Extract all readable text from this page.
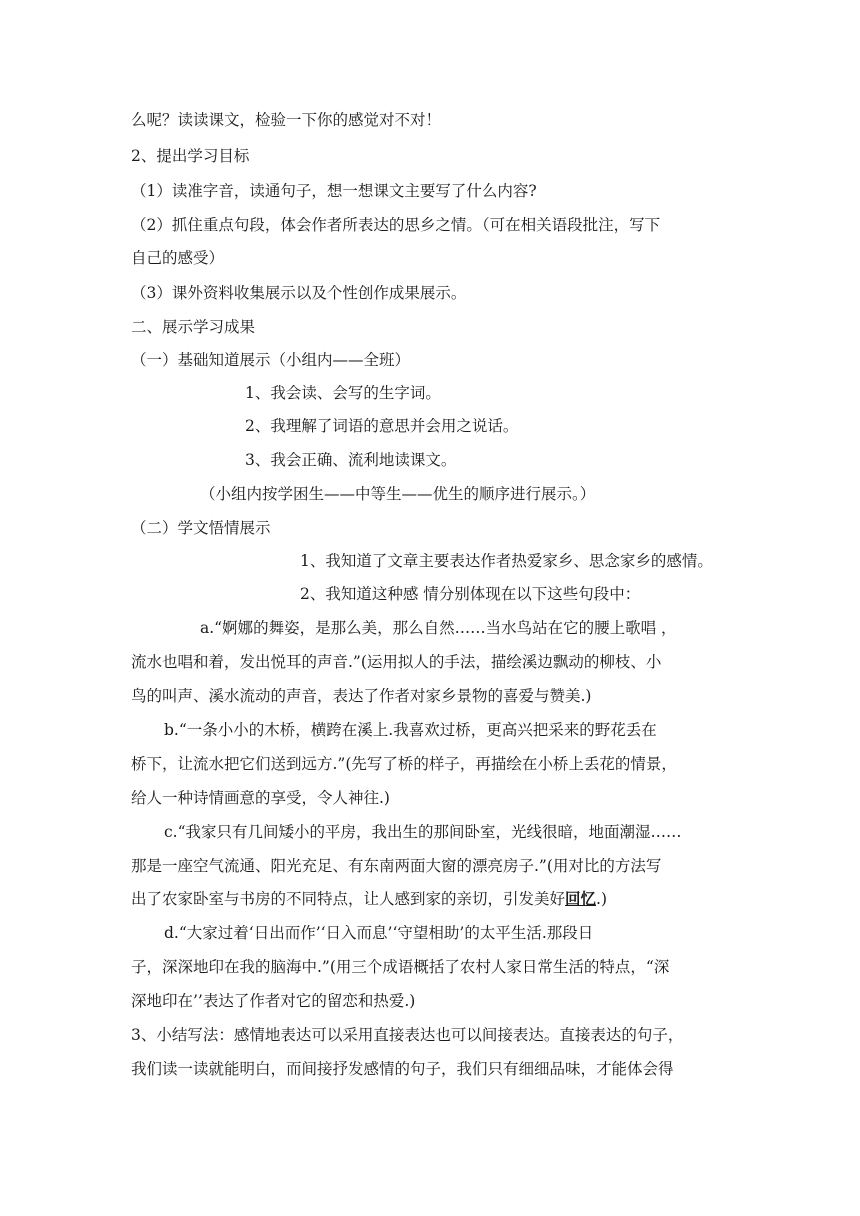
么呢？读读课文，检验一下你的感觉对不对！
2、提出学习目标
（1）读准字音，读通句子，想一想课文主要写了什么内容?
（2）抓住重点句段，体会作者所表达的思乡之情。（可在相关语段批注，写下
自己的感受）
（3）课外资料收集展示以及个性创作成果展示。
二、展示学习成果
（一）基础知道展示（小组内——全班）
1、我会读、会写的生字词。
2、我理解了词语的意思并会用之说话。
3、我会正确、流利地读课文。
（小组内按学困生——中等生——优生的顺序进行展示。）
（二）学文悟情展示
1、我知道了文章主要表达作者热爱家乡、思念家乡的感情。
2、我知道这种感 情分别体现在以下这些句段中：
a.“婀娜的舞姿，是那么美，那么自然……当水鸟站在它的腰上歌唱 ，
流水也唱和着，发出悦耳的声音.”(运用拟人的手法，描绘溪边飘动的柳枝、小
鸟的叫声、溪水流动的声音，表达了作者对家乡景物的喜爱与赞美.)
b.“一条小小的木桥，横跨在溪上.我喜欢过桥，更高兴把采来的野花丢在
桥下，让流水把它们送到远方.”(先写了桥的样子，再描绘在小桥上丢花的情景，
给人一种诗情画意的享受，令人神往.)
c.“我家只有几间矮小的平房，我出生的那间卧室，光线很暗，地面潮湿……
那是一座空气流通、阳光充足、有东南两面大窗的漂亮房子.”(用对比的方法写
出了农家卧室与书房的不同特点，让人感到家的亲切，引发美好回忆.)
d.“大家过着‘日出而作’‘日入而息’‘守望相助’的太平生活.那段日
子，深深地印在我的脑海中.”(用三个成语概括了农村人家日常生活的特点，“深
深地印在’’表达了作者对它的留恋和热爱.)
3、小结写法：感情地表达可以采用直接表达也可以间接表达。直接表达的句子，
我们读一读就能明白，而间接抒发感情的句子，我们只有细细品味，才能体会得
